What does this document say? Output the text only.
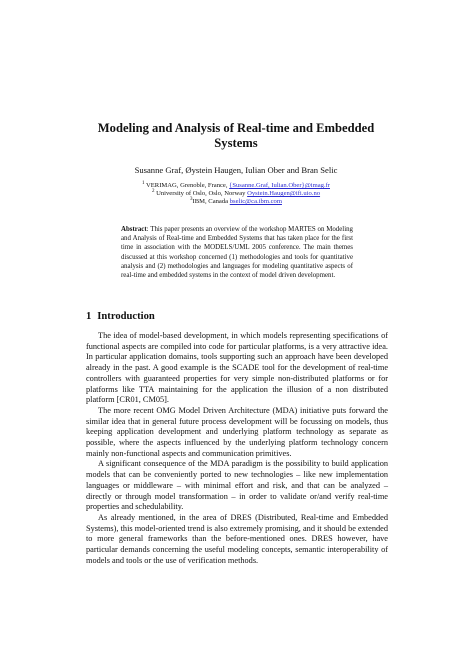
Modeling and Analysis of Real-time and Embedded Systems
Susanne Graf, Øystein Haugen, Iulian Ober and Bran Selic
$^1$ VERIMAG, Grenoble, France, {Susanne.Graf, Iulian.Ober}@imag.fr
$^2$ University of Oslo, Oslo, Norway Oystein.Haugen@ifi.uio.no
$^3$IBM, Canada bselic@ca.ibm.com
Abstract: This paper presents an overview of the workshop MARTES on Modeling and Analysis of Real-time and Embedded Systems that has taken place for the first time in association with the MODELS/UML 2005 conference. The main themes discussed at this workshop concerned (1) methodologies and tools for quantitative analysis and (2) methodologies and languages for modeling quantitative aspects of real-time and embedded systems in the context of model driven development.
1 Introduction

The idea of model-based development, in which models representing specifications of functional aspects are compiled into code for particular platforms, is a very attractive idea. In particular application domains, tools supporting such an approach have been developed already in the past. A good example is the SCADE tool for the development of real-time controllers with guaranteed properties for very simple non-distributed platforms or for platforms like TTA maintaining for the application the illusion of a non distributed platform [CR01, CM05].

The more recent OMG Model Driven Architecture (MDA) initiative puts forward the similar idea that in general future process development will be focussing on models, thus keeping application development and underlying platform technology as separate as possible, where the aspects influenced by the underlying platform technology concern mainly non-functional aspects and communication primitives.

A significant consequence of the MDA paradigm is the possibility to build application models that can be conveniently ported to new technologies – like new implementation languages or middleware – with minimal effort and risk, and that can be analyzed – directly or through model transformation – in order to validate or/and verify real-time properties and schedulability.

As already mentioned, in the area of DRES (Distributed, Real-time and Embedded Systems), this model-oriented trend is also extremely promising, and it should be extended to more general frameworks than the before-mentioned ones. DRES however, have particular demands concerning the useful modeling concepts, semantic interoperability of models and tools or the use of verification methods.
